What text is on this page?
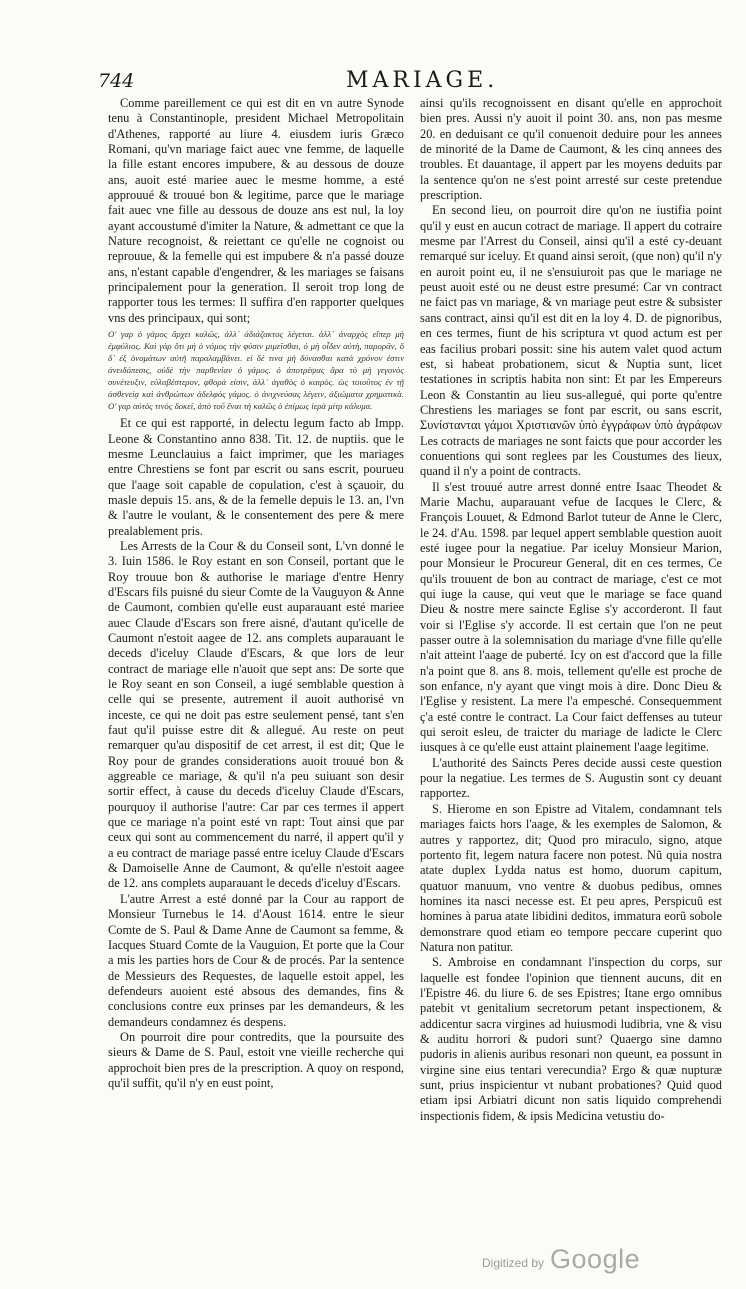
744	MARIAGE.

Comme pareillement ce qui est dit en vn autre Synode tenu à Constantinople, president Michael Metropolitain d'Athenes, rapporté au liure 4. eiusdem iuris Græco Romani, qu'vn mariage faict auec vne femme, de laquelle la fille estant encores impubere, & au dessous de douze ans, auoit esté mariee auec le mesme homme, a esté approuué & trouué bon & legitime, parce que le mariage fait auec vne fille au dessous de douze ans est nul, la loy ayant accoustumé d'imiter la Nature, & admettant ce que la Nature recognoist, & reiettant ce qu'elle ne cognoist ou reprouue, & la femelle qui est impubere & n'a passé douze ans, n'estant capable d'engendrer, & les mariages se faisans principalement pour la generation. Il seroit trop long de rapporter tous les termes: Il suffira d'en rapporter quelques vns des principaux, qui sont;

Ο' γαρ ὁ γάμος ἄρχει καλῶς, ἀλλ᾽ ἀδιάζακτος λέγεται. ἀλλ᾽ ἀναρχὸς εἴπερ μὴ ἐμφύλιος. Καὶ γὰρ ὅτι μὴ ὁ νόμος τὴν φύσιν μιμεῖσθαι, ὁ μὴ οἶδεν αὐτὴ, παρορᾶν, ὅ δ᾽ ἐξ ὀνομάτων αὐτῆ παραλαμβάνει. εἰ δέ τινα μὴ δύνασθαι κατὰ χρόνον ἐστιν ἀνειδόπεσις, οὐδὲ τὴν παρθενίαν ὁ γάμος. ὁ ἀποτρέψας ἄρα τὸ μὴ γεγονὸς συνέτευξιν, εὐλαβέστερον, φθορὰ εἰσιν, ἀλλ᾽ ἀγαθὸς ὁ καιρὸς. ὡς τοιοῦτος ἐν τῇ ἀσθενείᾳ καὶ ἀνθρώπων ἀδελφὸς γάμος. ὁ ἀνιχνεύσας λέγειν, ἀξιώματα χρηματικὰ. Ο' γαρ αὐτὸς τινὸς δοκεῖ, ἀπὸ τοῦ ἔναι τὴ καλῶς ὁ ἐπίμως ἱερὰ μίτρ κάλυμα.

Et ce qui est rapporté, in delectu legum facto ab Impp. Leone & Constantino anno 838. Tit. 12. de nuptiis. que le mesme Leunclauius a faict imprimer, que les mariages entre Chrestiens se font par escrit ou sans escrit, pourueu que l'aage soit capable de copulation, c'est à sçauoir, du masle depuis 15. ans, & de la femelle depuis le 13. an, l'vn & l'autre le voulant, & le consentement des pere & mere prealablement pris.

Les Arrests de la Cour & du Conseil sont, L'vn donné le 3. Iuin 1586. le Roy estant en son Conseil, portant que le Roy trouue bon & authorise le mariage d'entre Henry d'Escars fils puisné du sieur Comte de la Vauguyon & Anne de Caumont, combien qu'elle eust auparauant esté mariee auec Claude d'Escars son frere aisné, d'autant qu'icelle de Caumont n'estoit aagee de 12. ans complets auparauant le deceds d'iceluy Claude d'Escars, & que lors de leur contract de mariage elle n'auoit que sept ans: De sorte que le Roy seant en son Conseil, a iugé semblable question à celle qui se presente, autrement il auoit authorisé vn inceste, ce qui ne doit pas estre seulement pensé, tant s'en faut qu'il puisse estre dit & allegué. Au reste on peut remarquer qu'au dispositif de cet arrest, il est dit; Que le Roy pour de grandes considerations auoit trouué bon & aggreable ce mariage, & qu'il n'a peu suiuant son desir sortir effect, à cause du deceds d'iceluy Claude d'Escars, pourquoy il authorise l'autre: Car par ces termes il appert que ce mariage n'a point esté vn rapt: Tout ainsi que par ceux qui sont au commencement du narré, il appert qu'il y a eu contract de mariage passé entre iceluy Claude d'Escars & Damoiselle Anne de Caumont, & qu'elle n'estoit aagee de 12. ans complets auparauant le deceds d'iceluy d'Escars.

L'autre Arrest a esté donné par la Cour au rapport de Monsieur Turnebus le 14. d'Aoust 1614. entre le sieur Comte de S. Paul & Dame Anne de Caumont sa femme, & Iacques Stuard Comte de la Vauguion, Et porte que la Cour a mis les parties hors de Cour & de procés. Par la sentence de Messieurs des Requestes, de laquelle estoit appel, les defendeurs auoient esté absous des demandes, fins & conclusions contre eux prinses par les demandeurs, & les demandeurs condamnez és despens.

On pourroit dire pour contredits, que la poursuite des sieurs & Dame de S. Paul, estoit vne vieille recherche qui approchoit bien pres de la prescription. A quoy on respond, qu'il suffit, qu'il n'y en eust point,

ainsi qu'ils recognoissent en disant qu'elle en approchoit bien pres. Aussi n'y auoit il point 30. ans, non pas mesme 20. en deduisant ce qu'il conuenoit deduire pour les annees de minorité de la Dame de Caumont, & les cinq annees des troubles. Et dauantage, il appert par les moyens deduits par la sentence qu'on ne s'est point arresté sur ceste pretendue prescription.

En second lieu, on pourroit dire qu'on ne iustifia point qu'il y eust en aucun cotract de mariage. Il appert du cotraire mesme par l'Arrest du Conseil, ainsi qu'il a esté cy-deuant remarqué sur iceluy. Et quand ainsi seroit, (que non) qu'il n'y en auroit point eu, il ne s'ensuiuroit pas que le mariage ne peust auoit esté ou ne deust estre presumé: Car vn contract ne faict pas vn mariage, & vn mariage peut estre & subsister sans contract, ainsi qu'il est dit en la loy 4. D. de pignoribus, en ces termes, fiunt de his scriptura vt quod actum est per eas facilius probari possit: sine his autem valet quod actum est, si habeat probationem, sicut & Nuptia sunt, licet testationes in scriptis habita non sint: Et par les Empereurs Leon & Constantin au lieu sus-allegué, qui porte qu'entre Chrestiens les mariages se font par escrit, ou sans escrit, Συνίστανται γάμοι Χριστιανῶν ὑπὸ ἐγγράφων ὑπὸ ἀγράφων Les cotracts de mariages ne sont faicts que pour accorder les conuentions qui sont reglees par les Coustumes des lieux, quand il n'y a point de contracts.

Il s'est trouué autre arrest donné entre Isaac Theodet & Marie Machu, auparauant vefue de Iacques le Clerc, & François Louuet, & Edmond Barlot tuteur de Anne le Clerc, le 24. d'Au. 1598. par lequel appert semblable question auoit esté iugee pour la negatiue. Par iceluy Monsieur Marion, pour Monsieur le Procureur General, dit en ces termes, Ce qu'ils trouuent de bon au contract de mariage, c'est ce mot qui iuge la cause, qui veut que le mariage se face quand Dieu & nostre mere saincte Eglise s'y accorderont. Il faut voir si l'Eglise s'y accorde. Il est certain que l'on ne peut passer outre à la solemnisation du mariage d'vne fille qu'elle n'ait atteint l'aage de puberté. Icy on est d'accord que la fille n'a point que 8. ans 8. mois, tellement qu'elle est proche de son enfance, n'y ayant que vingt mois à dire. Donc Dieu & l'Eglise y resistent. La mere l'a empesché. Consequemment ç'a esté contre le contract. La Cour faict deffenses au tuteur qui seroit esleu, de traicter du mariage de ladicte le Clerc iusques à ce qu'elle eust attaint plainement l'aage legitime.

L'authorité des Saincts Peres decide aussi ceste question pour la negatiue. Les termes de S. Augustin sont cy deuant rapportez.

S. Hierome en son Epistre ad Vitalem, condamnant tels mariages faicts hors l'aage, & les exemples de Salomon, & autres y rapportez, dit; Quod pro miraculo, signo, atque portento fit, legem natura facere non potest. Nũ quia nostra atate duplex Lydda natus est homo, duorum capitum, quatuor manuum, vno ventre & duobus pedibus, omnes homines ita nasci necesse est. Et peu apres, Perspicuũ est homines à parua atate libidini deditos, immatura eorũ sobole demonstrare quod etiam eo tempore peccare cuperint quo Natura non patitur.

S. Ambroise en condamnant l'inspection du corps, sur laquelle est fondee l'opinion que tiennent aucuns, dit en l'Epistre 46. du liure 6. de ses Epistres; Itane ergo omnibus patebit vt genitalium secretorum petant inspectionem, & addicentur sacra virgines ad huiusmodi ludibria, vne & visu & auditu horrori & pudori sunt? Quaergo sine damno pudoris in alienis auribus resonari non queunt, ea possunt in virgine sine eius tentari verecundia? Ergo & quæ nupturæ sunt, prius inspicientur vt nubant probationes? Quid quod etiam ipsi Arbiatri dicunt non satis liquido comprehendi inspectionis fidem, & ipsis Medicina vetustiu do-

Digitized by Google
